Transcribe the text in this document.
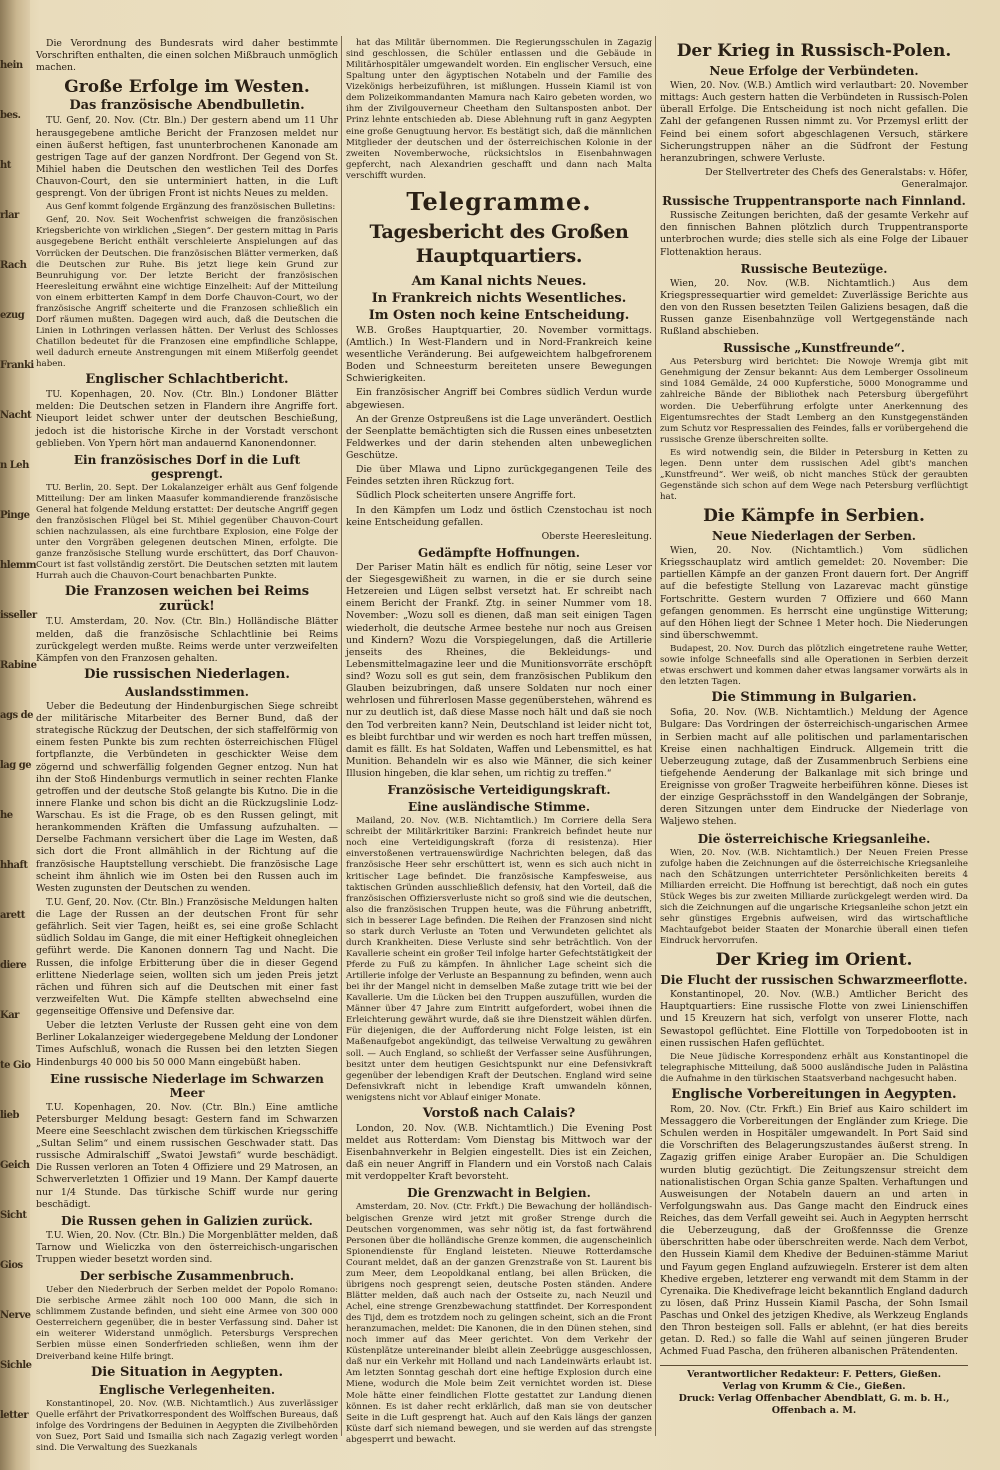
hein
bes.
ht
rlar
Rach
ezug
Franki
Nacht
n Leh
Pinge
hlemm
isseller
Rabine
ags de
lag ge
he
hhaft
arett
diere
Kar
te Gio
lieb
Geich
Sicht
Gios
Nerve
Sichle
letter

Die Verordnung des Bundesrats wird daher bestimmte Vorschriften enthalten, die einen solchen Mißbrauch unmöglich machen.

Große Erfolge im Westen.
Das französische Abendbulletin.

TU. Genf, 20. Nov. (Ctr. Bln.) Der gestern abend um 11 Uhr herausgegebene amtliche Bericht der Franzosen meldet nur einen äußerst heftigen, fast ununterbrochenen Kanonade am gestrigen Tage auf der ganzen Nordfront. Der Gegend von St. Mihiel haben die Deutschen den westlichen Teil des Dorfes Chauvon-Court, den sie unterminiert hatten, in die Luft gesprengt. Von der übrigen Front ist nichts Neues zu melden.

Aus Genf kommt folgende Ergänzung des französischen Bulletins:

Genf, 20. Nov. Seit Wochenfrist schweigen die französischen Kriegsberichte von wirklichen „Siegen“. Der gestern mittag in Paris ausgegebene Bericht enthält verschleierte Anspielungen auf das Vorrücken der Deutschen. Die französischen Blätter vermerken, daß die Deutschen zur Ruhe. Bis jetzt liege kein Grund zur Beunruhigung vor. Der letzte Bericht der französischen Heeresleitung erwähnt eine wichtige Einzelheit: Auf der Mitteilung von einem erbitterten Kampf in dem Dorfe Chauvon-Court, wo der französische Angriff scheiterte und die Franzosen schließlich ein Dorf räumen mußten. Dagegen wird auch, daß die Deutschen die Linien in Lothringen verlassen hätten. Der Verlust des Schlosses Chatillon bedeutet für die Franzosen eine empfindliche Schlappe, weil dadurch erneute Anstrengungen mit einem Mißerfolg geendet haben.

Englischer Schlachtbericht.

TU. Kopenhagen, 20. Nov. (Ctr. Bln.) Londoner Blätter melden: Die Deutschen setzen in Flandern ihre Angriffe fort. Nieuport leidet schwer unter der deutschen Beschießung, jedoch ist die historische Kirche in der Vorstadt verschont geblieben. Von Ypern hört man andauernd Kanonendonner.

Ein französisches Dorf in die Luft gesprengt.

TU. Berlin, 20. Sept. Der Lokalanzeiger erhält aus Genf folgende Mitteilung: Der am linken Maasufer kommandierende französische General hat folgende Meldung erstattet: Der deutsche Angriff gegen den französischen Flügel bei St. Mihiel gegenüber Chauvon-Court schien nachzulassen, als eine furchtbare Explosion, eine Folge der unter den Vorgräben gelegenen deutschen Minen, erfolgte. Die ganze französische Stellung wurde erschüttert, das Dorf Chauvon-Court ist fast vollständig zerstört. Die Deutschen setzten mit lautem Hurrah auch die Chauvon-Court benachbarten Punkte.

Die Franzosen weichen bei Reims zurück!

T.U. Amsterdam, 20. Nov. (Ctr. Bln.) Holländische Blätter melden, daß die französische Schlachtlinie bei Reims zurückgelegt werden mußte. Reims werde unter verzweifelten Kämpfen von den Franzosen gehalten.

Die russischen Niederlagen.
Auslandsstimmen.

Ueber die Bedeutung der Hindenburgischen Siege schreibt der militärische Mitarbeiter des Berner Bund, daß der strategische Rückzug der Deutschen, der sich staffelförmig von einem festen Punkte bis zum rechten österreichischen Flügel fortpflanzte, die Verbündeten in geschickter Weise dem zögernd und schwerfällig folgenden Gegner entzog. Nun hat ihn der Stoß Hindenburgs vermutlich in seiner rechten Flanke getroffen und der deutsche Stoß gelangte bis Kutno. Die in die innere Flanke und schon bis dicht an die Rückzugslinie Lodz-Warschau. Es ist die Frage, ob es den Russen gelingt, mit herankommenden Kräften die Umfassung aufzuhalten. — Derselbe Fachmann versichert über die Lage im Westen, daß sich dort die Front allmählich in der Richtung auf die französische Hauptstellung verschiebt. Die französische Lage scheint ihm ähnlich wie im Osten bei den Russen auch im Westen zugunsten der Deutschen zu wenden.

T.U. Genf, 20. Nov. (Ctr. Bln.) Französische Meldungen halten die Lage der Russen an der deutschen Front für sehr gefährlich. Seit vier Tagen, heißt es, sei eine große Schlacht südlich Soldau im Gange, die mit einer Heftigkeit ohnegleichen geführt werde. Die Kanonen donnern Tag und Nacht. Die Russen, die infolge Erbitterung über die in dieser Gegend erlittene Niederlage seien, wollten sich um jeden Preis jetzt rächen und führen sich auf die Deutschen mit einer fast verzweifelten Wut. Die Kämpfe stellten abwechselnd eine gegenseitige Offensive und Defensive dar.

Ueber die letzten Verluste der Russen geht eine von dem Berliner Lokalanzeiger wiedergegebene Meldung der Londoner Times Aufschluß, wonach die Russen bei den letzten Siegen Hindenburgs 40 000 bis 50 000 Mann eingebüßt haben.

Eine russische Niederlage im Schwarzen Meer

T.U. Kopenhagen, 20. Nov. (Ctr. Bln.) Eine amtliche Petersburger Meldung besagt: Gestern fand im Schwarzen Meere eine Seeschlacht zwischen dem türkischen Kriegsschiffe „Sultan Selim“ und einem russischen Geschwader statt. Das russische Admiralschiff „Swatoi Jewstafi“ wurde beschädigt. Die Russen verloren an Toten 4 Offiziere und 29 Matrosen, an Schwerverletzten 1 Offizier und 19 Mann. Der Kampf dauerte nur 1/4 Stunde. Das türkische Schiff wurde nur gering beschädigt.

Die Russen gehen in Galizien zurück.

T.U. Wien, 20. Nov. (Ctr. Bln.) Die Morgenblätter melden, daß Tarnow und Wieliczka von den österreichisch-ungarischen Truppen wieder besetzt worden sind.

Der serbische Zusammenbruch.

Ueber den Niederbruch der Serben meldet der Popolo Romano: Die serbische Armee zählt noch 100 000 Mann, die sich in schlimmem Zustande befinden, und sieht eine Armee von 300 000 Oesterreichern gegenüber, die in bester Verfassung sind. Daher ist ein weiterer Widerstand unmöglich. Petersburgs Versprechen Serbien müsse einen Sonderfrieden schließen, wenn ihm der Dreiverband keine Hilfe bringt.

Die Situation in Aegypten.
Englische Verlegenheiten.

Konstantinopel, 20. Nov. (W.B. Nichtamtlich.) Aus zuverlässiger Quelle erfährt der Privatkorrespondent des Wolffschen Bureaus, daß infolge des Vordringens der Beduinen in Aegypten die Zivilbehörden von Suez, Port Said und Ismailia sich nach Zagazig verlegt worden sind. Die Verwaltung des Suezkanals

hat das Militär übernommen. Die Regierungsschulen in Zagazig sind geschlossen, die Schüler entlassen und die Gebäude in Militärhospitäler umgewandelt worden. Ein englischer Versuch, eine Spaltung unter den ägyptischen Notabeln und der Familie des Vizekönigs herbeizuführen, ist mißlungen. Hussein Kiamil ist von dem Polizeikommandanten Mamura nach Kairo gebeten worden, wo ihm der Zivilgouverneur Cheetham den Sultansposten anbot. Der Prinz lehnte entschieden ab. Diese Ablehnung ruft in ganz Aegypten eine große Genugtuung hervor. Es bestätigt sich, daß die männlichen Mitglieder der deutschen und der österreichischen Kolonie in der zweiten Novemberwoche, rücksichtslos in Eisenbahnwagen gepfercht, nach Alexandrien geschafft und dann nach Malta verschifft wurden.

Telegramme.
Tagesbericht des Großen Hauptquartiers.
Am Kanal nichts Neues.
In Frankreich nichts Wesentliches.
Im Osten noch keine Entscheidung.

W.B. Großes Hauptquartier, 20. November vormittags. (Amtlich.) In West-Flandern und in Nord-Frankreich keine wesentliche Veränderung. Bei aufgeweichtem halbgefrorenem Boden und Schneesturm bereiteten unsere Bewegungen Schwierigkeiten.

Ein französischer Angriff bei Combres südlich Verdun wurde abgewiesen.

An der Grenze Ostpreußens ist die Lage unverändert. Oestlich der Seenplatte bemächtigten sich die Russen eines unbesetzten Feldwerkes und der darin stehenden alten unbeweglichen Geschütze.

Die über Mlawa und Lipno zurückgegangenen Teile des Feindes setzten ihren Rückzug fort.

Südlich Plock scheiterten unsere Angriffe fort.

In den Kämpfen um Lodz und östlich Czenstochau ist noch keine Entscheidung gefallen.

Oberste Heeresleitung.

Gedämpfte Hoffnungen.

Der Pariser Matin hält es endlich für nötig, seine Leser vor der Siegesgewißheit zu warnen, in die er sie durch seine Hetzereien und Lügen selbst versetzt hat. Er schreibt nach einem Bericht der Frankf. Ztg. in seiner Nummer vom 18. November: „Wozu soll es dienen, daß man seit einigen Tagen wiederholt, die deutsche Armee bestehe nur noch aus Greisen und Kindern? Wozu die Vorspiegelungen, daß die Artillerie jenseits des Rheines, die Bekleidungs- und Lebensmittelmagazine leer und die Munitionsvorräte erschöpft sind? Wozu soll es gut sein, dem französischen Publikum den Glauben beizubringen, daß unsere Soldaten nur noch einer wehrlosen und führerlosen Masse gegenüberstehen, während es nur zu deutlich ist, daß diese Masse noch hält und daß sie noch den Tod verbreiten kann? Nein, Deutschland ist leider nicht tot, es bleibt furchtbar und wir werden es noch hart treffen müssen, damit es fällt. Es hat Soldaten, Waffen und Lebensmittel, es hat Munition. Behandeln wir es also wie Männer, die sich keiner Illusion hingeben, die klar sehen, um richtig zu treffen.“

Französische Verteidigungskraft.
Eine ausländische Stimme.

Mailand, 20. Nov. (W.B. Nichtamtlich.) Im Corriere della Sera schreibt der Militärkritiker Barzini: Frankreich befindet heute nur noch eine Verteidigungskraft (forza di resistenza). Hier einverstoßenen vertrauenswürdige Nachrichten belegen, daß das französische Heer sehr erschüttert ist, wenn es sich auch nicht in kritischer Lage befindet. Die französische Kampfesweise, aus taktischen Gründen ausschließlich defensiv, hat den Vorteil, daß die französischen Offiziersverluste nicht so groß sind wie die deutschen, also die französischen Truppen heute, was die Führung anbetrifft, sich in besserer Lage befinden. Die Reihen der Franzosen sind nicht so stark durch Verluste an Toten und Verwundeten gelichtet als durch Krankheiten. Diese Verluste sind sehr beträchtlich. Von der Kavallerie scheint ein großer Teil infolge harter Gefechtstätigkeit der Pferde zu Fuß zu kämpfen. In ähnlicher Lage scheint sich die Artillerie infolge der Verluste an Bespannung zu befinden, wenn auch bei ihr der Mangel nicht in demselben Maße zutage tritt wie bei der Kavallerie. Um die Lücken bei den Truppen auszufüllen, wurden die Männer über 47 Jahre zum Eintritt aufgefordert, wobei ihnen die Erleichterung gewährt wurde, daß sie ihre Dienstzeit wählen dürfen. Für diejenigen, die der Aufforderung nicht Folge leisten, ist ein Maßenaufgebot angekündigt, das teilweise Verwaltung zu gewähren soll. — Auch England, so schließt der Verfasser seine Ausführungen, besitzt unter dem heutigen Gesichtspunkt nur eine Defensivkraft gegenüber der lebendigen Kraft der Deutschen. England wird seine Defensivkraft nicht in lebendige Kraft umwandeln können, wenigstens nicht vor Ablauf einiger Monate.

Vorstoß nach Calais?

London, 20. Nov. (W.B. Nichtamtlich.) Die Evening Post meldet aus Rotterdam: Vom Dienstag bis Mittwoch war der Eisenbahnverkehr in Belgien eingestellt. Dies ist ein Zeichen, daß ein neuer Angriff in Flandern und ein Vorstoß nach Calais mit verdoppelter Kraft bevorsteht.

Die Grenzwacht in Belgien.

Amsterdam, 20. Nov. (Ctr. Frkft.) Die Bewachung der holländisch-belgischen Grenze wird jetzt mit großer Strenge durch die Deutschen vorgenommen, was sehr nötig ist, da fast fortwährend Personen über die holländische Grenze kommen, die augenscheinlich Spionendienste für England leisteten. Nieuwe Rotterdamsche Courant meldet, daß an der ganzen Grenzstraße von St. Laurent bis zum Meer, dem Leopoldkanal entlang, bei allen Brücken, die übrigens noch gesprengt seien, deutsche Posten ständen. Andere Blätter melden, daß auch nach der Ostseite zu, nach Neuzil und Achel, eine strenge Grenzbewachung stattfindet. Der Korrespondent des Tijd, dem es trotzdem noch zu gelingen scheint, sich an die Front heranzumachen, meldet: Die Kanonen, die in den Dünen stehen, sind noch immer auf das Meer gerichtet. Von dem Verkehr der Küstenplätze untereinander bleibt allein Zeebrügge ausgeschlossen, daß nur ein Verkehr mit Holland und nach Landeinwärts erlaubt ist. Am letzten Sonntag geschah dort eine heftige Explosion durch eine Miene, wodurch die Mole beim Zeit vernichtet worden ist. Diese Mole hätte einer feindlichen Flotte gestattet zur Landung dienen können. Es ist daher recht erklärlich, daß man sie von deutscher Seite in die Luft gesprengt hat. Auch auf den Kais längs der ganzen Küste darf sich niemand bewegen, und sie werden auf das strengste abgesperrt und bewacht.

Der Krieg in Russisch-Polen.
Neue Erfolge der Verbündeten.

Wien, 20. Nov. (W.B.) Amtlich wird verlautbart: 20. November mittags: Auch gestern hatten die Verbündeten in Russisch-Polen überall Erfolge. Die Entscheidung ist noch nicht gefallen. Die Zahl der gefangenen Russen nimmt zu. Vor Przemysl erlitt der Feind bei einem sofort abgeschlagenen Versuch, stärkere Sicherungstruppen näher an die Südfront der Festung heranzubringen, schwere Verluste.

Der Stellvertreter des Chefs des Generalstabs: v. Höfer, Generalmajor.

Russische Truppentransporte nach Finnland.

Russische Zeitungen berichten, daß der gesamte Verkehr auf den finnischen Bahnen plötzlich durch Truppentransporte unterbrochen wurde; dies stelle sich als eine Folge der Libauer Flottenaktion heraus.

Russische Beutezüge.

Wien, 20. Nov. (W.B. Nichtamtlich.) Aus dem Kriegspressequartier wird gemeldet: Zuverlässige Berichte aus den von den Russen besetzten Teilen Galiziens besagen, daß die Russen ganze Eisenbahnzüge voll Wertgegenstände nach Rußland abschieben.

Russische „Kunstfreunde“.

Aus Petersburg wird berichtet: Die Nowoje Wremja gibt mit Genehmigung der Zensur bekannt: Aus dem Lemberger Ossolineum sind 1084 Gemälde, 24 000 Kupferstiche, 5000 Monogramme und zahlreiche Bände der Bibliothek nach Petersburg übergeführt worden. Die Ueberführung erfolgte unter Anerkennung des Eigentumsrechtes der Stadt Lemberg an den Kunstgegenständen zum Schutz vor Respressalien des Feindes, falls er vorübergehend die russische Grenze überschreiten sollte.

Es wird notwendig sein, die Bilder in Petersburg in Ketten zu legen. Denn unter dem russischen Adel gibt's manchen „Kunstfreund“. Wer weiß, ob nicht manches Stück der geraubten Gegenstände sich schon auf dem Wege nach Petersburg verflüchtigt hat.

Die Kämpfe in Serbien.
Neue Niederlagen der Serben.

Wien, 20. Nov. (Nichtamtlich.) Vom südlichen Kriegsschauplatz wird amtlich gemeldet: 20. November: Die partiellen Kämpfe an der ganzen Front dauern fort. Der Angriff auf die befestigte Stellung von Lazarevac macht günstige Fortschritte. Gestern wurden 7 Offiziere und 660 Mann gefangen genommen. Es herrscht eine ungünstige Witterung; auf den Höhen liegt der Schnee 1 Meter hoch. Die Niederungen sind überschwemmt.

Budapest, 20. Nov. Durch das plötzlich eingetretene rauhe Wetter, sowie infolge Schneefalls sind alle Operationen in Serbien derzeit etwas erschwert und kommen daher etwas langsamer vorwärts als in den letzten Tagen.

Die Stimmung in Bulgarien.

Sofia, 20. Nov. (W.B. Nichtamtlich.) Meldung der Agence Bulgare: Das Vordringen der österreichisch-ungarischen Armee in Serbien macht auf alle politischen und parlamentarischen Kreise einen nachhaltigen Eindruck. Allgemein tritt die Ueberzeugung zutage, daß der Zusammenbruch Serbiens eine tiefgehende Aenderung der Balkanlage mit sich bringe und Ereignisse von großer Tragweite herbeiführen könne. Dieses ist der einzige Gesprächsstoff in den Wandelgängen der Sobranje, deren Sitzungen unter dem Eindrucke der Niederlage von Waljewo stehen.

Die österreichische Kriegsanleihe.

Wien, 20. Nov. (W.B. Nichtamtlich.) Der Neuen Freien Presse zufolge haben die Zeichnungen auf die österreichische Kriegsanleihe nach den Schätzungen unterrichteter Persönlichkeiten bereits 4 Milliarden erreicht. Die Hoffnung ist berechtigt, daß noch ein gutes Stück Weges bis zur zweiten Milliarde zurückgelegt werden wird. Da sich die Zeichnungen auf die ungarische Kriegsanleihe schon jetzt ein sehr günstiges Ergebnis aufweisen, wird das wirtschaftliche Machtaufgebot beider Staaten der Monarchie überall einen tiefen Eindruck hervorrufen.

Der Krieg im Orient.
Die Flucht der russischen Schwarzmeerflotte.

Konstantinopel, 20. Nov. (W.B.) Amtlicher Bericht des Hauptquartiers: Eine russische Flotte von zwei Linienschiffen und 15 Kreuzern hat sich, verfolgt von unserer Flotte, nach Sewastopol geflüchtet. Eine Flottille von Torpedobooten ist in einen russischen Hafen geflüchtet.

Die Neue Jüdische Korrespondenz erhält aus Konstantinopel die telegraphische Mitteilung, daß 5000 ausländische Juden in Palästina die Aufnahme in den türkischen Staatsverband nachgesucht haben.

Englische Vorbereitungen in Aegypten.

Rom, 20. Nov. (Ctr. Frkft.) Ein Brief aus Kairo schildert im Messaggero die Vorbereitungen der Engländer zum Kriege. Die Schulen werden in Hospitäler umgewandelt. In Port Said sind die Vorschriften des Belagerungszustandes äußerst streng. In Zagazig griffen einige Araber Europäer an. Die Schuldigen wurden blutig gezüchtigt. Die Zeitungszensur streicht dem nationalistischen Organ Schia ganze Spalten. Verhaftungen und Ausweisungen der Notabeln dauern an und arten in Verfolgungswahn aus. Das Gange macht den Eindruck eines Reiches, das dem Verfall geweiht sei. Auch in Aegypten herrscht die Ueberzeugung, daß der Großfennsse die Grenze überschritten habe oder überschreiten werde. Nach dem Verbot, den Hussein Kiamil dem Khedive der Beduinen-stämme Mariut und Fayum gegen England aufzuwiegeln. Ersterer ist dem alten Khedive ergeben, letzterer eng verwandt mit dem Stamm in der Cyrenaika. Die Khedivefrage leicht bekanntlich England dadurch zu lösen, daß Prinz Hussein Kiamil Pascha, der Sohn Ismail Paschas und Onkel des jetzigen Khedive, als Werkzeug Englands den Thron besteigen soll. Falls er ablehnt, (er hat dies bereits getan. D. Red.) so falle die Wahl auf seinen jüngeren Bruder Achmed Fuad Pascha, den früheren albanischen Prätendenten.

Verantwortlicher Redakteur: F. Petters, Gießen.
Verlag von Krumm & Cie., Gießen.
Druck: Verlag Offenbacher Abendblatt, G. m. b. H., Offenbach a. M.
